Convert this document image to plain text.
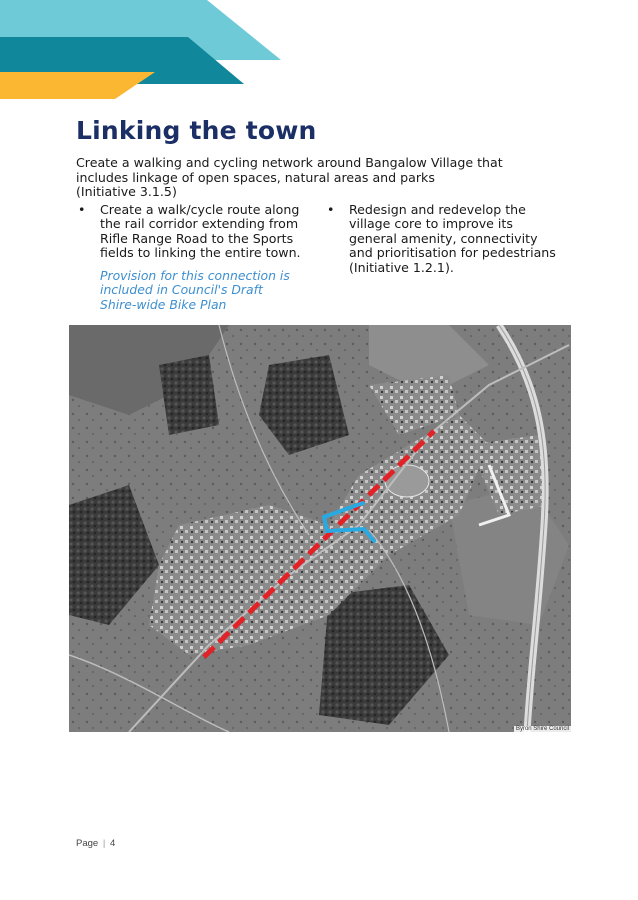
Linking the town
Create a walking and cycling network around Bangalow Village that
includes linkage of open spaces, natural areas and parks
(Initiative 3.1.5)
• Create a walk/cycle route along
the rail corridor extending from
Rifle Range Road to the Sports
fields to linking the entire town.
Provision for this connection is
included in Council's Draft
Shire-wide Bike Plan
• Redesign and redevelop the
village core to improve its
general amenity, connectivity
and prioritisation for pedestrians
(Initiative 1.2.1).
Byron Shire Council
Page | 4
